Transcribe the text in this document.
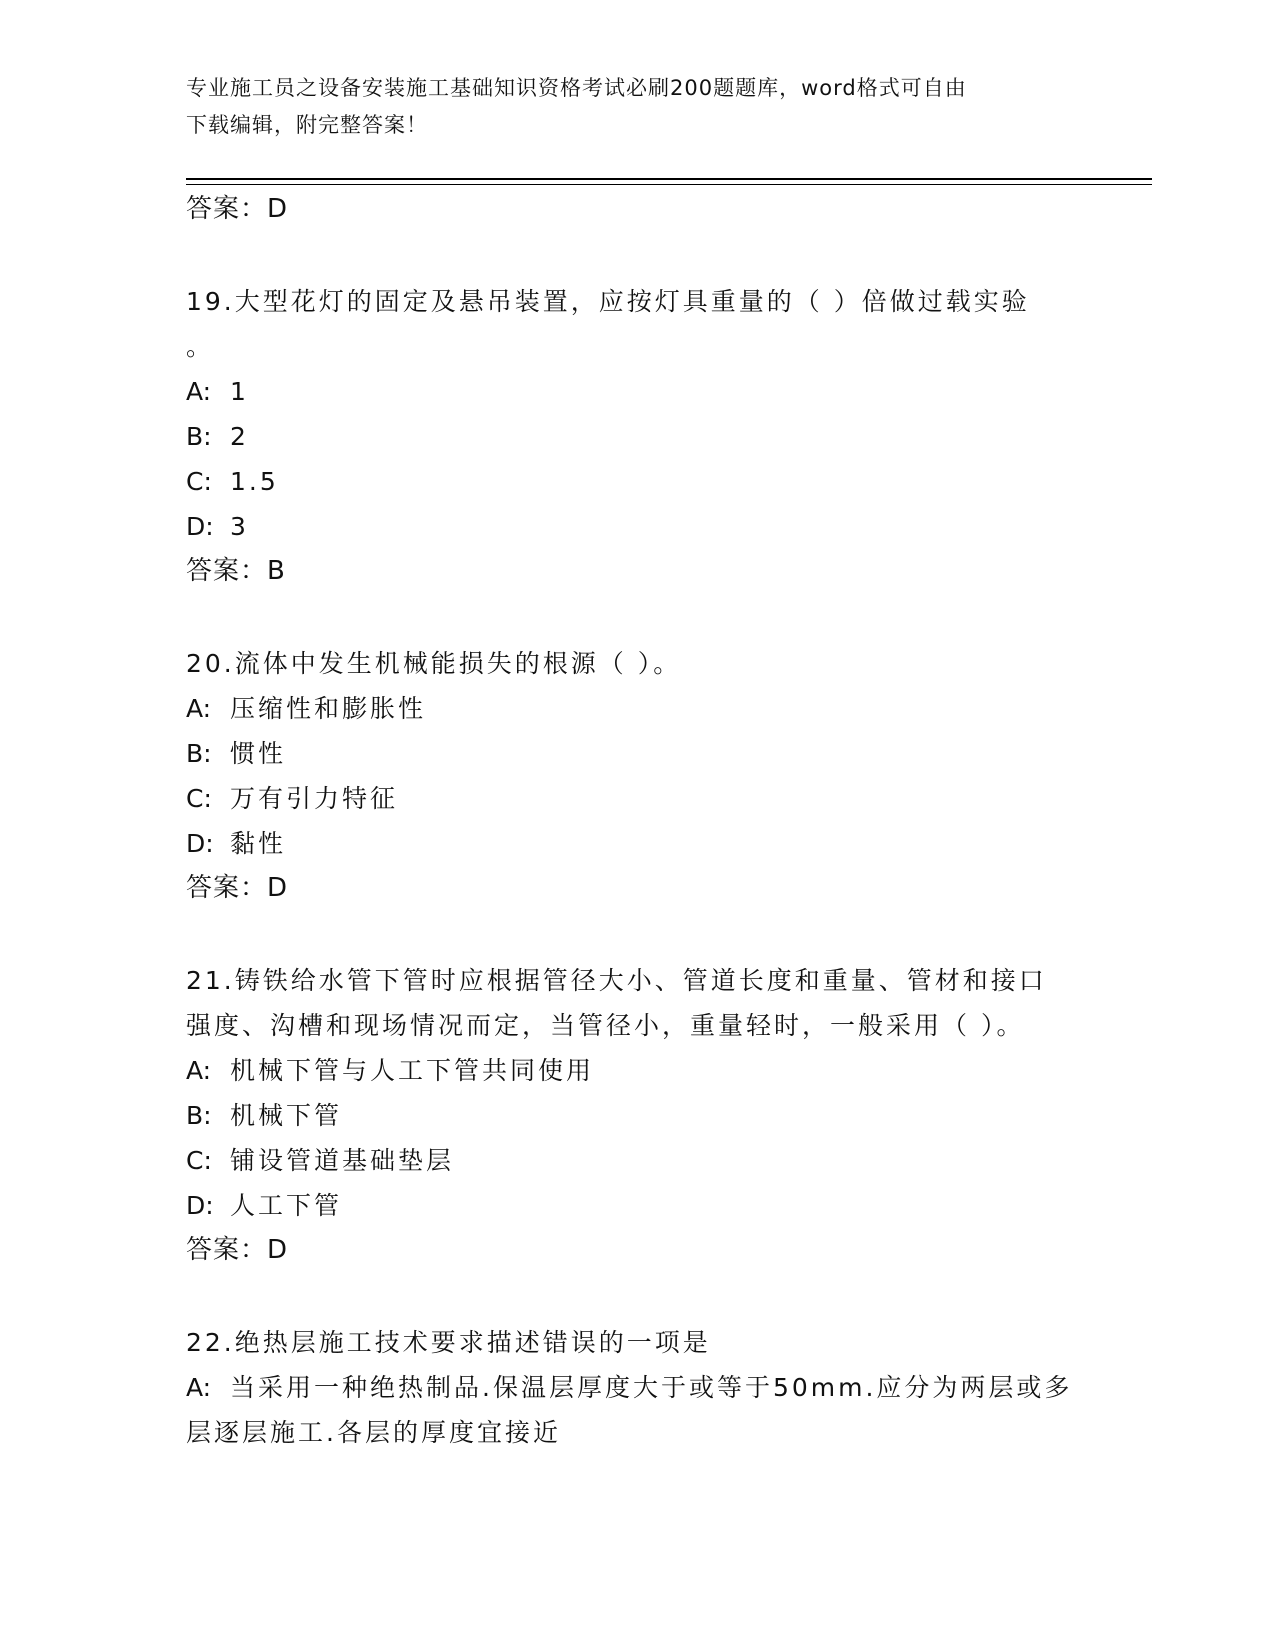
专业施工员之设备安装施工基础知识资格考试必刷200题题库，word格式可自由
下载编辑，附完整答案！
答案：D
19.大型花灯的固定及悬吊装置，应按灯具重量的（ ）倍做过载实验
。
A: 1
B: 2
C: 1.5
D: 3
答案：B
20.流体中发生机械能损失的根源（ ）。
A: 压缩性和膨胀性
B: 惯性
C: 万有引力特征
D: 黏性
答案：D
21.铸铁给水管下管时应根据管径大小、管道长度和重量、管材和接口
强度、沟槽和现场情况而定，当管径小，重量轻时，一般采用（ ）。
A: 机械下管与人工下管共同使用
B: 机械下管
C: 铺设管道基础垫层
D: 人工下管
答案：D
22.绝热层施工技术要求描述错误的一项是
A: 当采用一种绝热制品.保温层厚度大于或等于50mm.应分为两层或多
层逐层施工.各层的厚度宜接近
